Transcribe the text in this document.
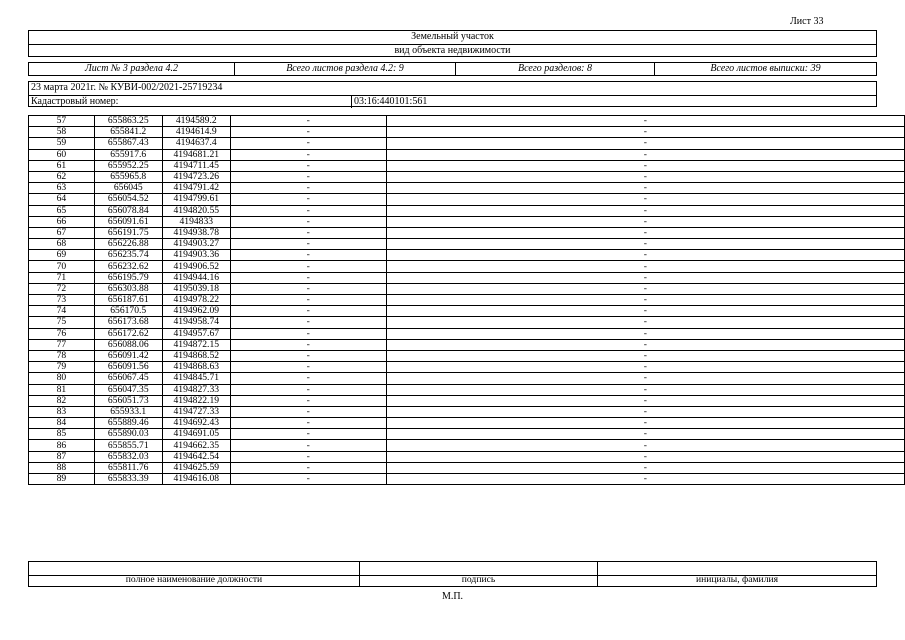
Лист 33
Земельный участок
вид объекта недвижимости
Лист № 3 раздела 4.2	Всего листов раздела 4.2: 9	Всего разделов: 8	Всего листов выписки: 39
23 марта 2021г. № КУВИ-002/2021-25719234
Кадастровый номер:	03:16:440101:561
57	655863.25	4194589.2	-	-
58	655841.2	4194614.9	-	-
59	655867.43	4194637.4	-	-
60	655917.6	4194681.21	-	-
61	655952.25	4194711.45	-	-
62	655965.8	4194723.26	-	-
63	656045	4194791.42	-	-
64	656054.52	4194799.61	-	-
65	656078.84	4194820.55	-	-
66	656091.61	4194833	-	-
67	656191.75	4194938.78	-	-
68	656226.88	4194903.27	-	-
69	656235.74	4194903.36	-	-
70	656232.62	4194906.52	-	-
71	656195.79	4194944.16	-	-
72	656303.88	4195039.18	-	-
73	656187.61	4194978.22	-	-
74	656170.5	4194962.09	-	-
75	656173.68	4194958.74	-	-
76	656172.62	4194957.67	-	-
77	656088.06	4194872.15	-	-
78	656091.42	4194868.52	-	-
79	656091.56	4194868.63	-	-
80	656067.45	4194845.71	-	-
81	656047.35	4194827.33	-	-
82	656051.73	4194822.19	-	-
83	655933.1	4194727.33	-	-
84	655889.46	4194692.43	-	-
85	655890.03	4194691.05	-	-
86	655855.71	4194662.35	-	-
87	655832.03	4194642.54	-	-
88	655811.76	4194625.59	-	-
89	655833.39	4194616.08	-	-
полное наименование должности	подпись	инициалы, фамилия
М.П.
